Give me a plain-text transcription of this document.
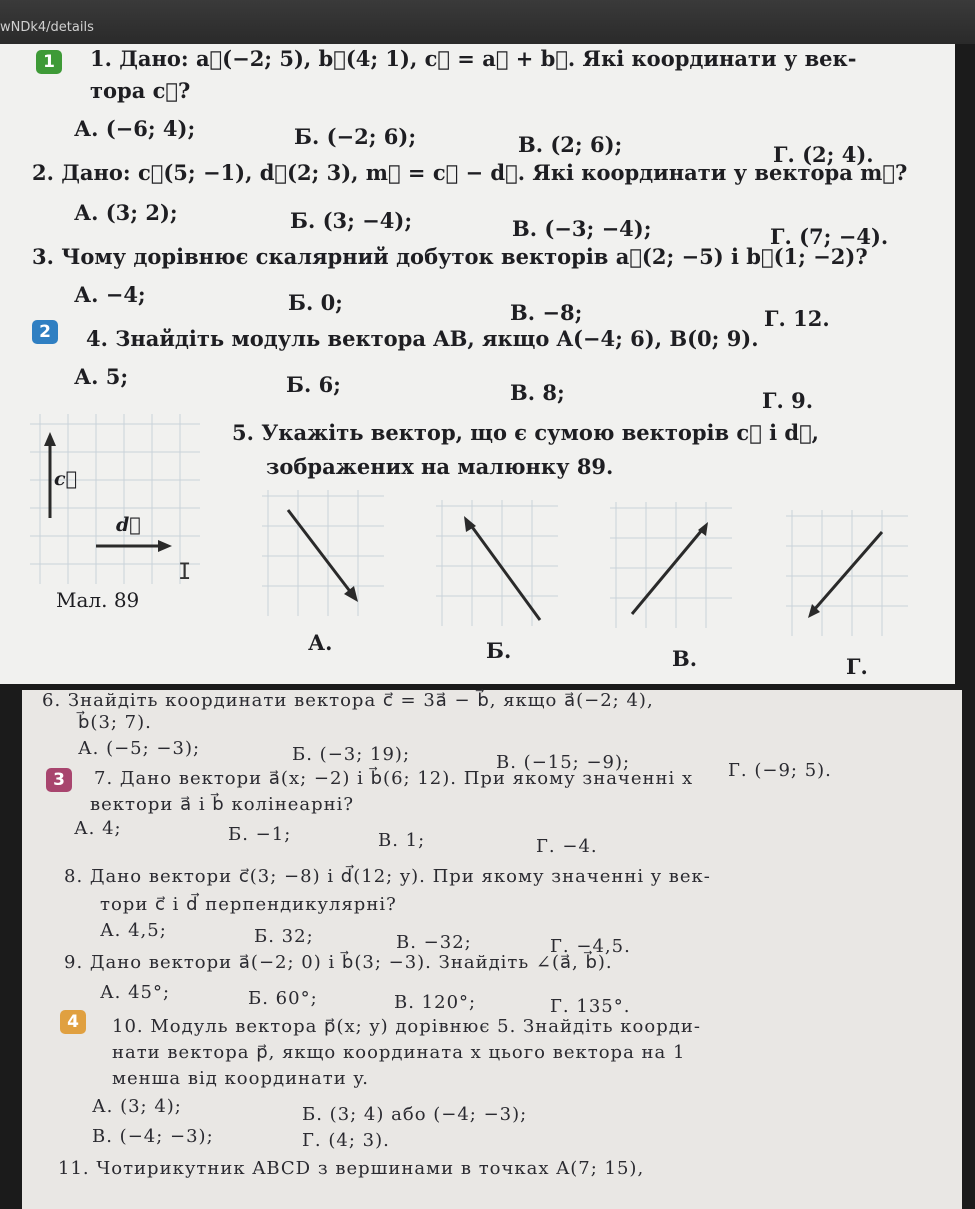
wNDk4/details
1	1. Дано: a⃗(−2; 5), b⃗(4; 1), c⃗ = a⃗ + b⃗. Які координати у век-
тора c⃗?
А. (−6; 4);	Б. (−2; 6);	В. (2; 6);	Г. (2; 4).
2. Дано: c⃗(5; −1), d⃗(2; 3), m⃗ = c⃗ − d⃗. Які координати у вектора m⃗?
А. (3; 2);	Б. (3; −4);	В. (−3; −4);	Г. (7; −4).
3. Чому дорівнює скалярний добуток векторів a⃗(2; −5) і b⃗(1; −2)?
А. −4;	Б. 0;	В. −8;	Г. 12.
2	4. Знайдіть модуль вектора AB, якщо A(−4; 6), B(0; 9).
А. 5;	Б. 6;	В. 8;	Г. 9.
5. Укажіть вектор, що є сумою векторів c⃗ і d⃗,
зображених на малюнку 89.
c⃗
d⃗
Мал. 89
I
А.	Б.	В.	Г.
6. Знайдіть координати вектора c⃗ = 3a⃗ − b⃗, якщо a⃗(−2; 4),
b⃗(3; 7).
А. (−5; −3);	Б. (−3; 19);	В. (−15; −9);	Г. (−9; 5).
3	7. Дано вектори a⃗(x; −2) і b⃗(6; 12). При якому значенні x
вектори a⃗ і b⃗ колінеарні?
А. 4;	Б. −1;	В. 1;	Г. −4.
8. Дано вектори c⃗(3; −8) і d⃗(12; y). При якому значенні y век-
тори c⃗ і d⃗ перпендикулярні?
А. 4,5;	Б. 32;	В. −32;	Г. −4,5.
9. Дано вектори a⃗(−2; 0) і b⃗(3; −3). Знайдіть ∠(a⃗, b⃗).
А. 45°;	Б. 60°;	В. 120°;	Г. 135°.
4	10. Модуль вектора p⃗(x; y) дорівнює 5. Знайдіть коорди-
нати вектора p⃗, якщо координата x цього вектора на 1
менша від координати y.
А. (3; 4);	Б. (3; 4) або (−4; −3);
В. (−4; −3);	Г. (4; 3).
11. Чотирикутник ABCD з вершинами в точках A(7; 15),
